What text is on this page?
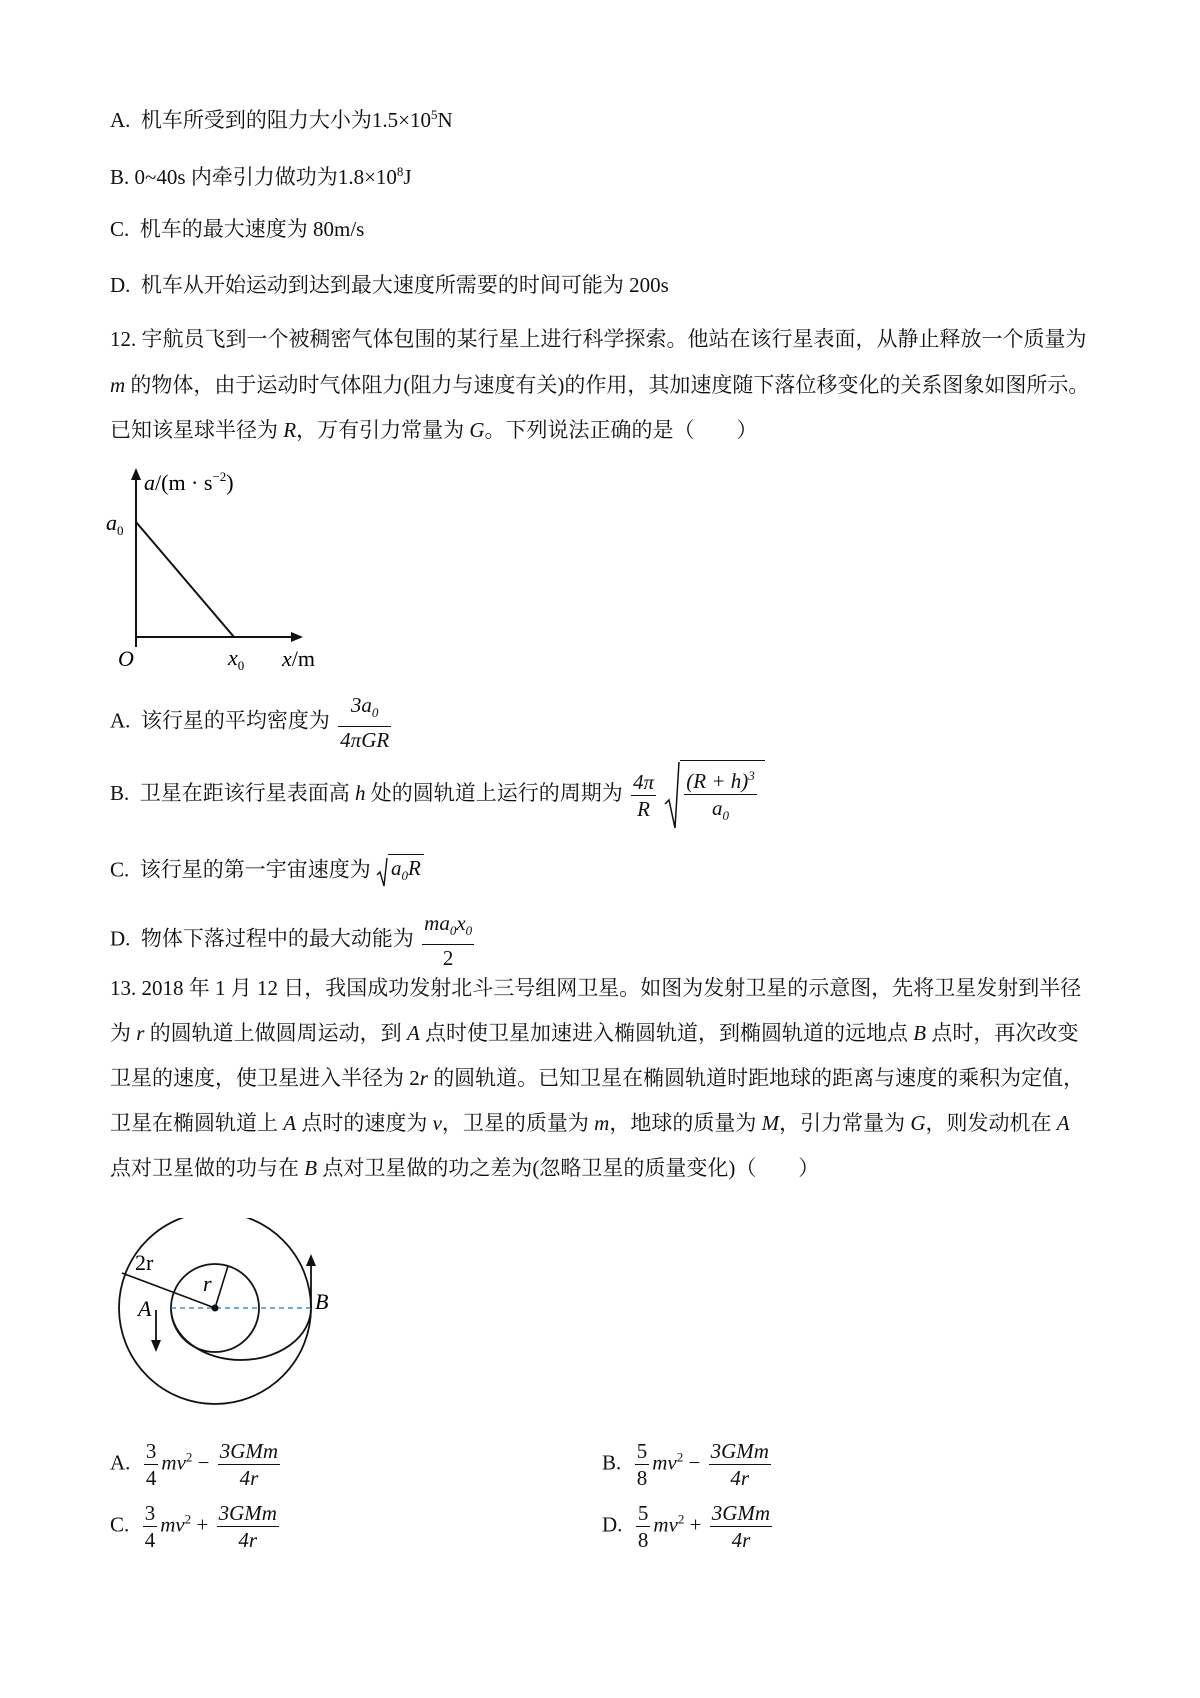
A. 机车所受到的阻力大小为$1.5\times 10^5N$
B. 0~40s 内牵引力做功为$1.8\times 10^8J$
C. 机车的最大速度为 80m/s
D. 机车从开始运动到达到最大速度所需要的时间可能为 200s
12. 宇航员飞到一个被稠密气体包围的某行星上进行科学探索。他站在该行星表面，从静止释放一个质量为
m 的物体，由于运动时气体阻力(阻力与速度有关)的作用，其加速度随下落位移变化的关系图象如图所示。
已知该星球半径为 R，万有引力常量为 G。下列说法正确的是（　　）
$a/(m \cdot s^{-2})$
$a_0$
O	$x_0$ x/m
A. 该行星的平均密度为 $\frac{3a_0}{\text{4πGR}}$
B. 卫星在距该行星表面高 h 处的圆轨道上运行的周期为 $\frac{4\pi}{R}$
$\frac{(R + h)^3}{a_0}$
C. 该行星的第一宇宙速度为 $a_0R$
D. 物体下落过程中的最大动能为 $\frac{ma_0x_0}{2}$
13. 2018 年 1 月 12 日，我国成功发射北斗三号组网卫星。如图为发射卫星的示意图，先将卫星发射到半径
为 r 的圆轨道上做圆周运动，到 A 点时使卫星加速进入椭圆轨道，到椭圆轨道的远地点 B 点时，再次改变
卫星的速度，使卫星进入半径为 2r 的圆轨道。已知卫星在椭圆轨道时距地球的距离与速度的乘积为定值，
卫星在椭圆轨道上 A 点时的速度为 v，卫星的质量为 m，地球的质量为 M，引力常量为 G，则发动机在 A
点对卫星做的功与在 B 点对卫星做的功之差为(忽略卫星的质量变化)（　　）
2r
r
A	B
A. $\frac{3}{4} mv^2 - \frac{\text{3GMm}}{4r}$	B. $\frac{5}{8} mv^2 - \frac{\text{3GMm}}{4r}$
C. $\frac{3}{4} mv^2 + \frac{\text{3GMm}}{4r}$	D. $\frac{5}{8} mv^2 + \frac{\text{3GMm}}{4r}$
